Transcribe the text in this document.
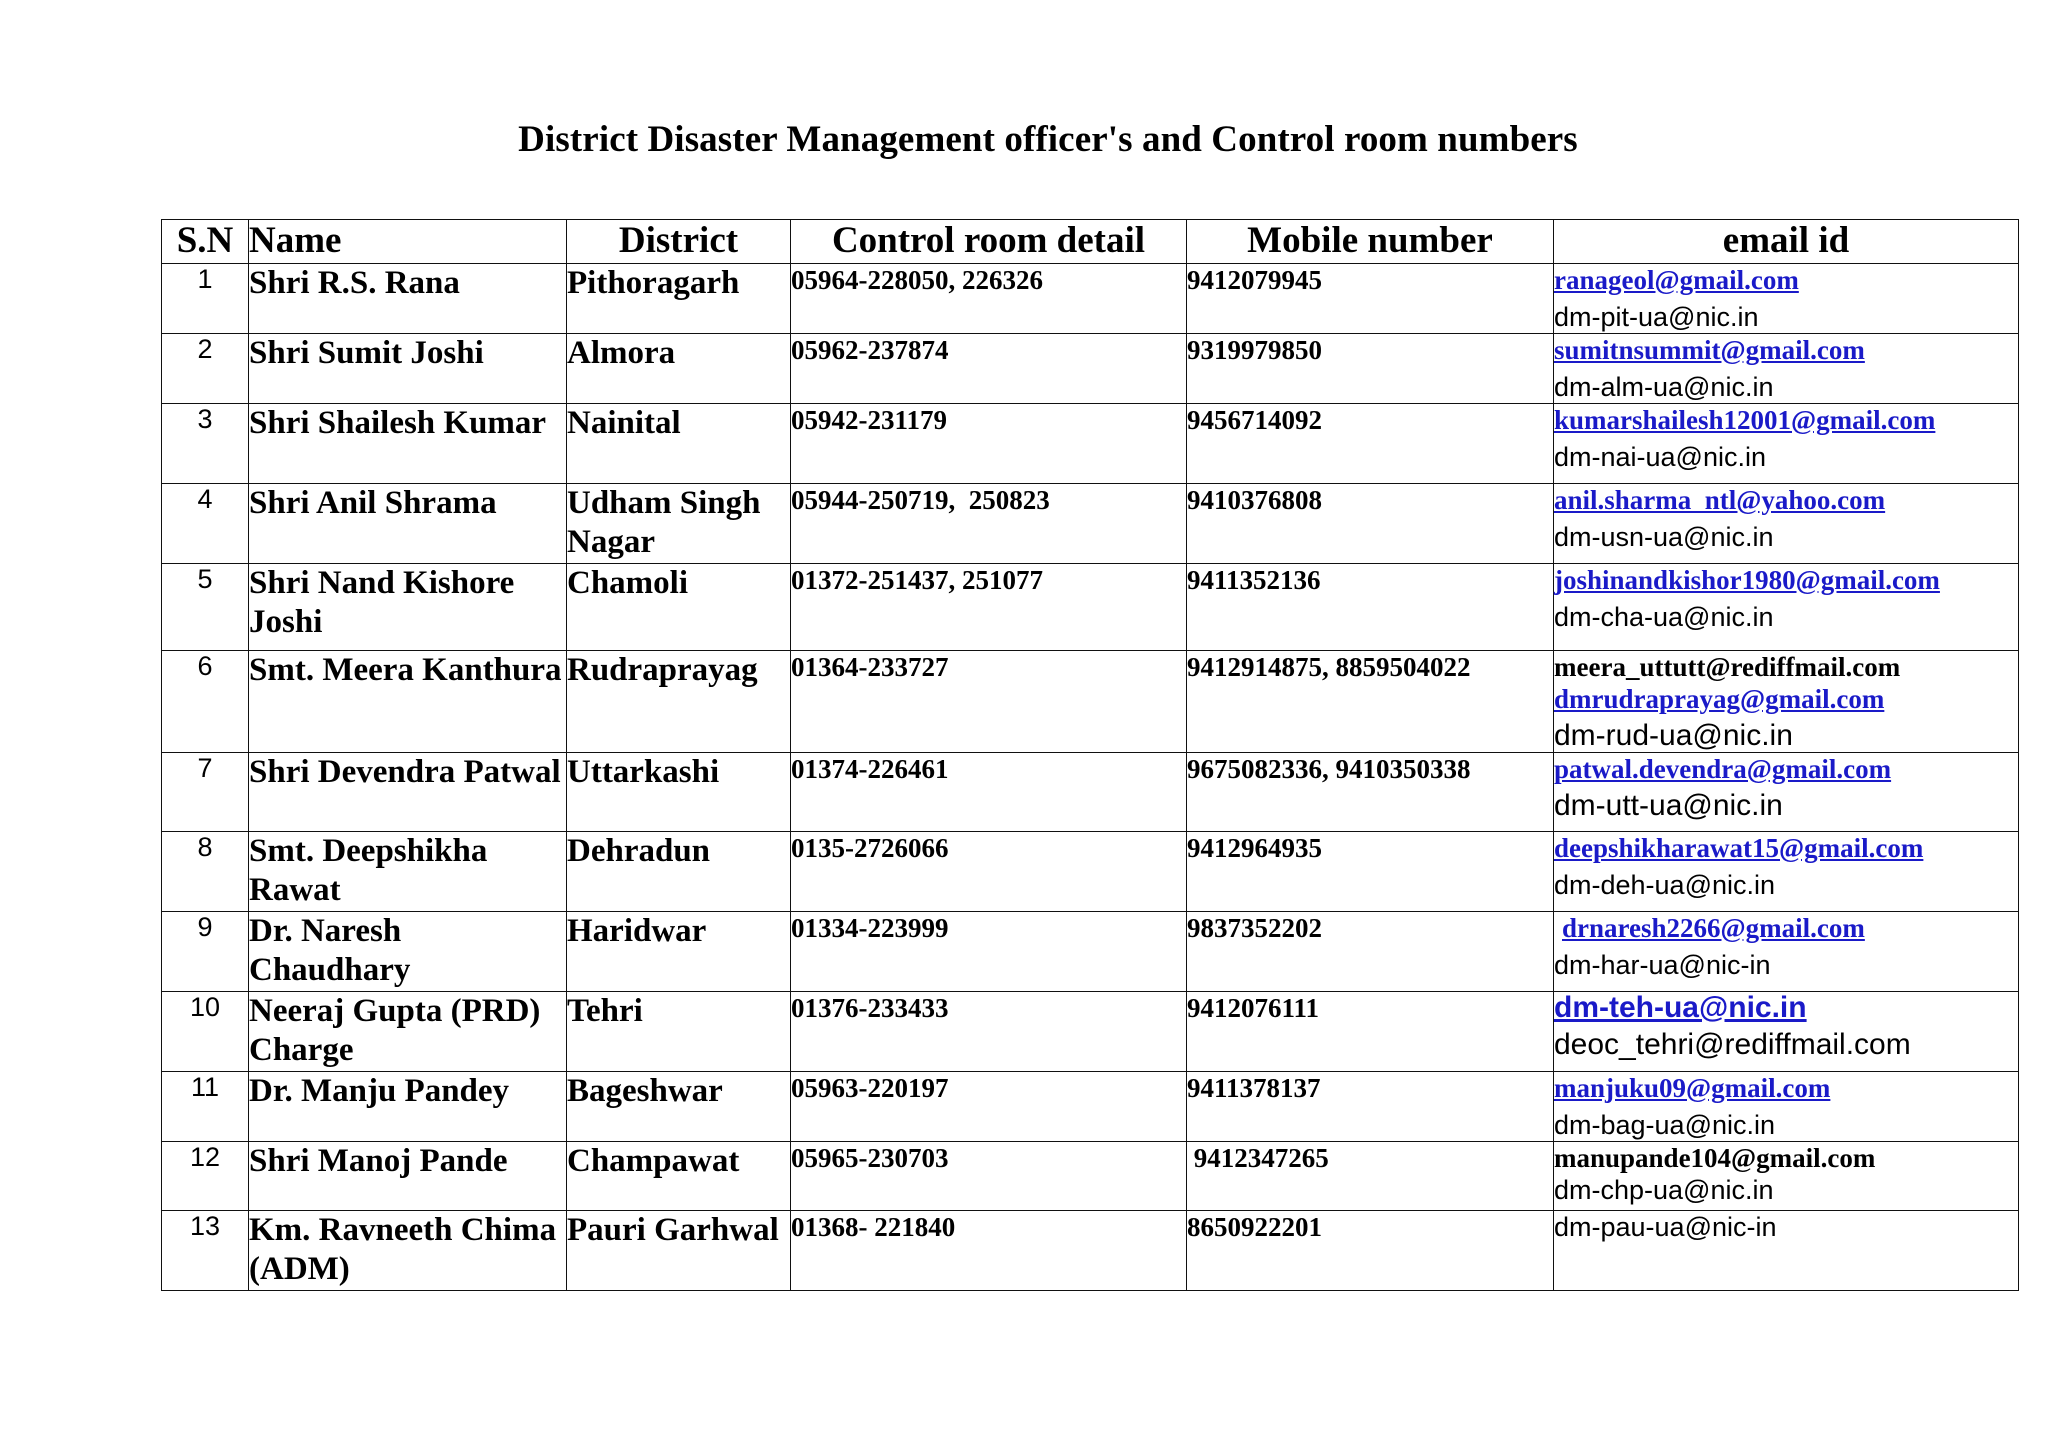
District Disaster Management officer's and Control room numbers
S.N	Name	District	Control room detail	Mobile number	email id
1	Shri R.S. Rana	Pithoragarh	05964-228050, 226326	9412079945	ranageol@gmail.com
dm-pit-ua@nic.in

2	Shri Sumit Joshi	Almora	05962-237874	9319979850	sumitnsummit@gmail.com
dm-alm-ua@nic.in

3	Shri Shailesh Kumar	Nainital	05942-231179	9456714092	kumarshailesh12001@gmail.com
dm-nai-ua@nic.in

4	Shri Anil Shrama	Udham Singh Nagar	05944-250719,  250823	9410376808	anil.sharma_ntl@yahoo.com
dm-usn-ua@nic.in

5	Shri Nand Kishore Joshi	Chamoli	01372-251437, 251077	9411352136	joshinandkishor1980@gmail.com
dm-cha-ua@nic.in

6	Smt. Meera Kanthura	Rudraprayag	01364-233727	9412914875, 8859504022	meera_uttutt@rediffmail.com
dmrudraprayag@gmail.com
dm-rud-ua@nic.in

7	Shri Devendra Patwal	Uttarkashi	01374-226461	9675082336, 9410350338	patwal.devendra@gmail.com
dm-utt-ua@nic.in

8	Smt. Deepshikha Rawat	Dehradun	0135-2726066	9412964935	deepshikharawat15@gmail.com
dm-deh-ua@nic.in

9	Dr. Naresh Chaudhary	Haridwar	01334-223999	9837352202	drnaresh2266@gmail.com
dm-har-ua@nic-in

10	Neeraj Gupta (PRD) Charge	Tehri	01376-233433	9412076111	dm-teh-ua@nic.in
deoc_tehri@rediffmail.com

11	Dr. Manju Pandey	Bageshwar	05963-220197	9411378137	manjuku09@gmail.com
dm-bag-ua@nic.in

12	Shri Manoj Pande	Champawat	05965-230703	9412347265	manupande104@gmail.com
dm-chp-ua@nic.in

13	Km. Ravneeth Chima (ADM)	Pauri Garhwal	01368- 221840	8650922201	dm-pau-ua@nic-in
